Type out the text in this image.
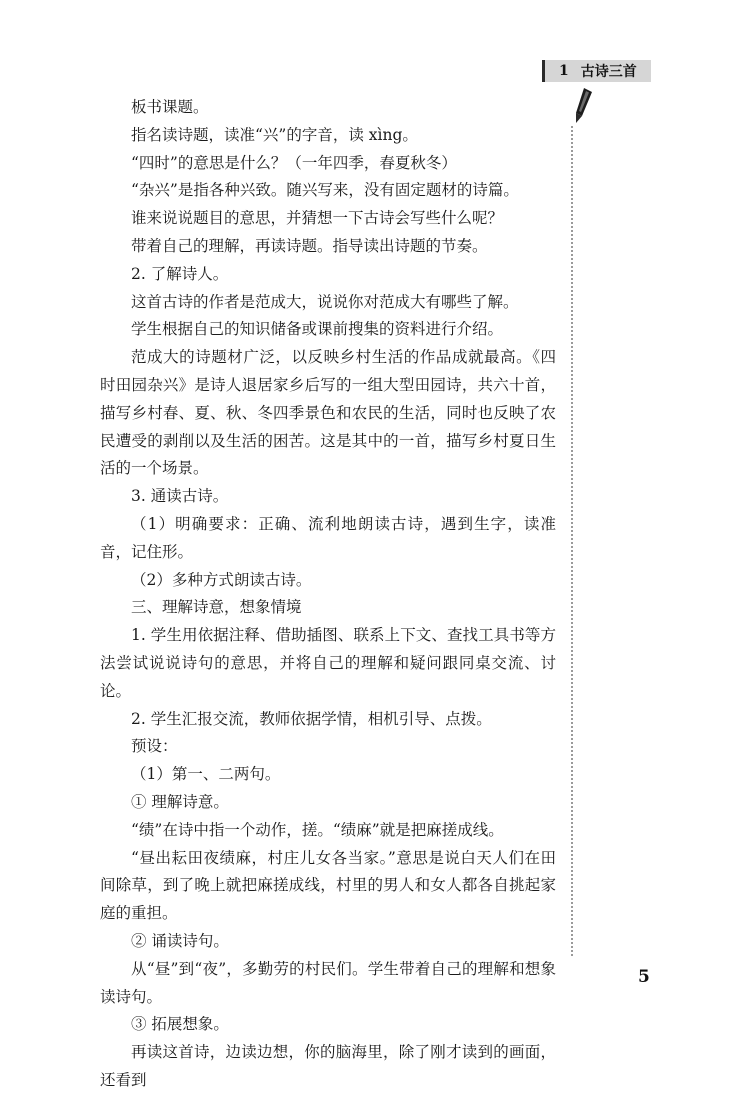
1 古诗三首

板书课题。

指名读诗题，读准“兴”的字音，读 xìng。

“四时”的意思是什么？（一年四季，春夏秋冬）

“杂兴”是指各种兴致。随兴写来，没有固定题材的诗篇。

谁来说说题目的意思，并猜想一下古诗会写些什么呢？

带着自己的理解，再读诗题。指导读出诗题的节奏。

2. 了解诗人。

这首古诗的作者是范成大，说说你对范成大有哪些了解。

学生根据自己的知识储备或课前搜集的资料进行介绍。

范成大的诗题材广泛，以反映乡村生活的作品成就最高。《四时田园杂兴》是诗人退居家乡后写的一组大型田园诗，共六十首，描写乡村春、夏、秋、冬四季景色和农民的生活，同时也反映了农民遭受的剥削以及生活的困苦。这是其中的一首，描写乡村夏日生活的一个场景。

3. 通读古诗。

（1）明确要求：正确、流利地朗读古诗，遇到生字，读准音，记住形。

（2）多种方式朗读古诗。

三、理解诗意，想象情境

1. 学生用依据注释、借助插图、联系上下文、查找工具书等方法尝试说说诗句的意思，并将自己的理解和疑问跟同桌交流、讨论。

2. 学生汇报交流，教师依据学情，相机引导、点拨。

预设：

（1）第一、二两句。

① 理解诗意。

“绩”在诗中指一个动作，搓。“绩麻”就是把麻搓成线。

“昼出耘田夜绩麻，村庄儿女各当家。”意思是说白天人们在田间除草，到了晚上就把麻搓成线，村里的男人和女人都各自挑起家庭的重担。

② 诵读诗句。

从“昼”到“夜”，多勤劳的村民们。学生带着自己的理解和想象读诗句。

③ 拓展想象。

再读这首诗，边读边想，你的脑海里，除了刚才读到的画面，还看到

5
